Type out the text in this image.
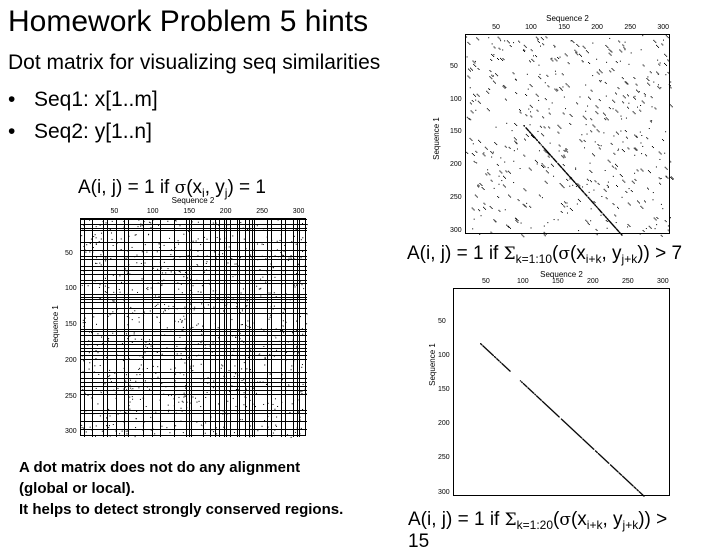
Homework Problem 5 hints
Dot matrix for visualizing seq similarities
• Seq1: x[1..m]
• Seq2: y[1..n]
A(i, j) = 1 if $\sigma(x_i$, $y_j) = 1$
A(i, j) = 1 if $\Sigma_{k=1:10}(\sigma(x_{i+k}$, $y_{j+k})) > 7$
A(i, j) = 1 if $\Sigma_{k=1:20}(\sigma(x_{i+k}$, $y_{j+k}$)) >
15
A dot matrix does not do any alignment
(global or local).
It helps to detect strongly conserved regions.
Sequence 2
Sequence 1
50	100	150	200	250	300
50
100
150
200
250
300
Sequence 2
Sequence 1
50	100	150	200	250	300
50
100
150
200
250
300
Sequence 2
Sequence 1
50	100	150	200	250	300
50
100
150
200
250
300
